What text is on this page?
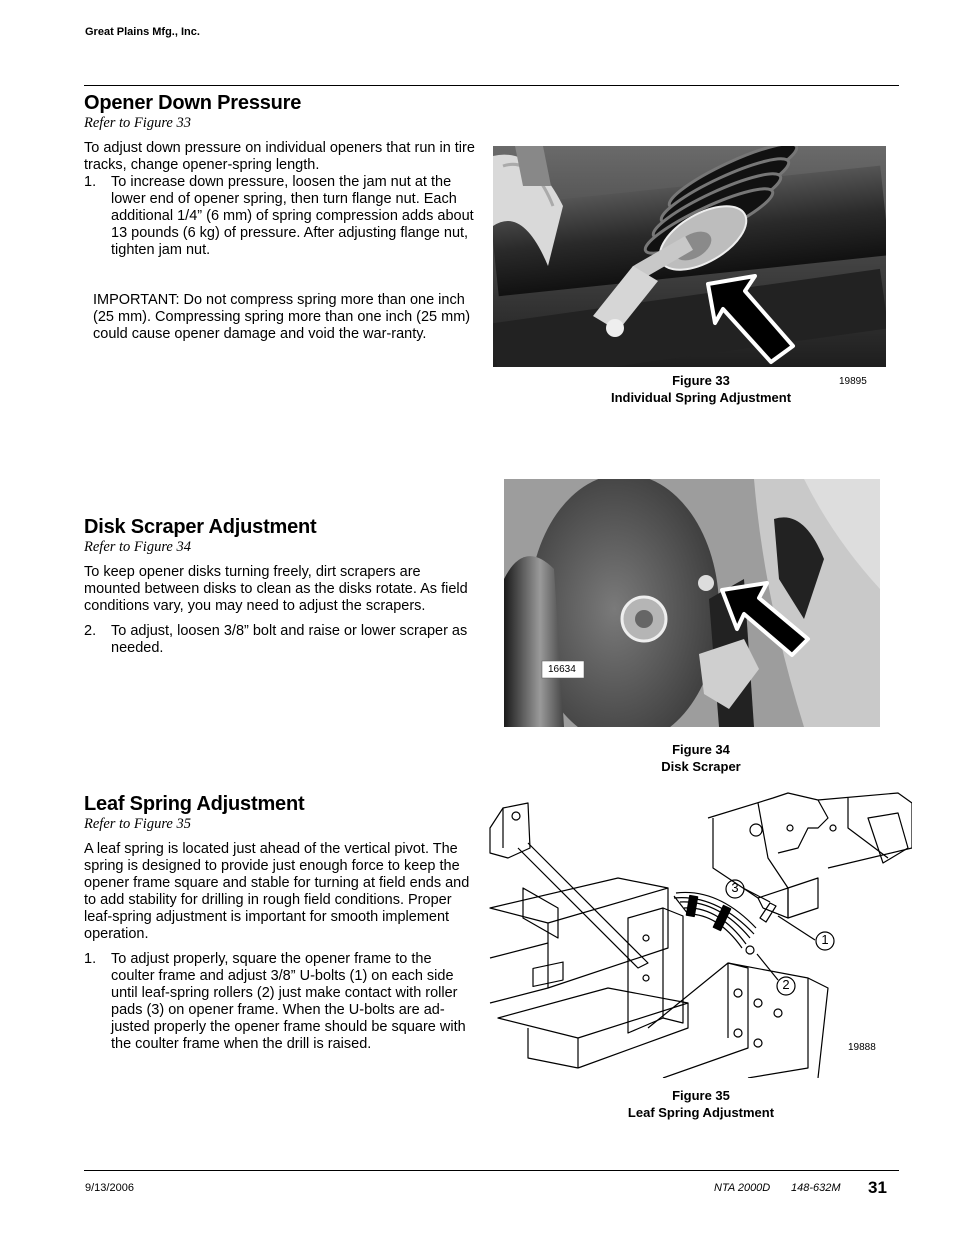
Great Plains Mfg., Inc.
Opener Down Pressure
Refer to Figure 33

To adjust down pressure on individual openers that run in tire tracks, change opener-spring length.

1.	To increase down pressure, loosen the jam nut at the lower end of opener spring, then turn flange nut. Each additional 1/4” (6 mm) of spring compression adds about 13 pounds (6 kg) of pressure. After adjusting flange nut, tighten jam nut.

IMPORTANT: Do not compress spring more than one inch (25 mm). Compressing spring more than one inch (25 mm) could cause opener damage and void the war-ranty.

Figure 33
Individual Spring Adjustment
19895
Disk Scraper Adjustment
Refer to Figure 34

To keep opener disks turning freely, dirt scrapers are mounted between disks to clean as the disks rotate. As field conditions vary, you may need to adjust the scrapers.

2.	To adjust, loosen 3/8” bolt and raise or lower scraper as needed.
16634
Figure 34
Disk Scraper
Leaf Spring Adjustment
Refer to Figure 35

A leaf spring is located just ahead of the vertical pivot. The spring is designed to provide just enough force to keep the opener frame square and stable for turning at field ends and to add stability for drilling in rough field conditions. Proper leaf-spring adjustment is important for smooth implement operation.

1.	To adjust properly, square the opener frame to the coulter frame and adjust 3/8” U-bolts (1) on each side until leaf-spring rollers (2) just make contact with roller pads (3) on opener frame. When the U-bolts are ad-justed properly the opener frame should be square with the coulter frame when the drill is raised.
3
1
2
19888
Figure 35
Leaf Spring Adjustment
9/13/2006	NTA 2000D 148-632M 31
